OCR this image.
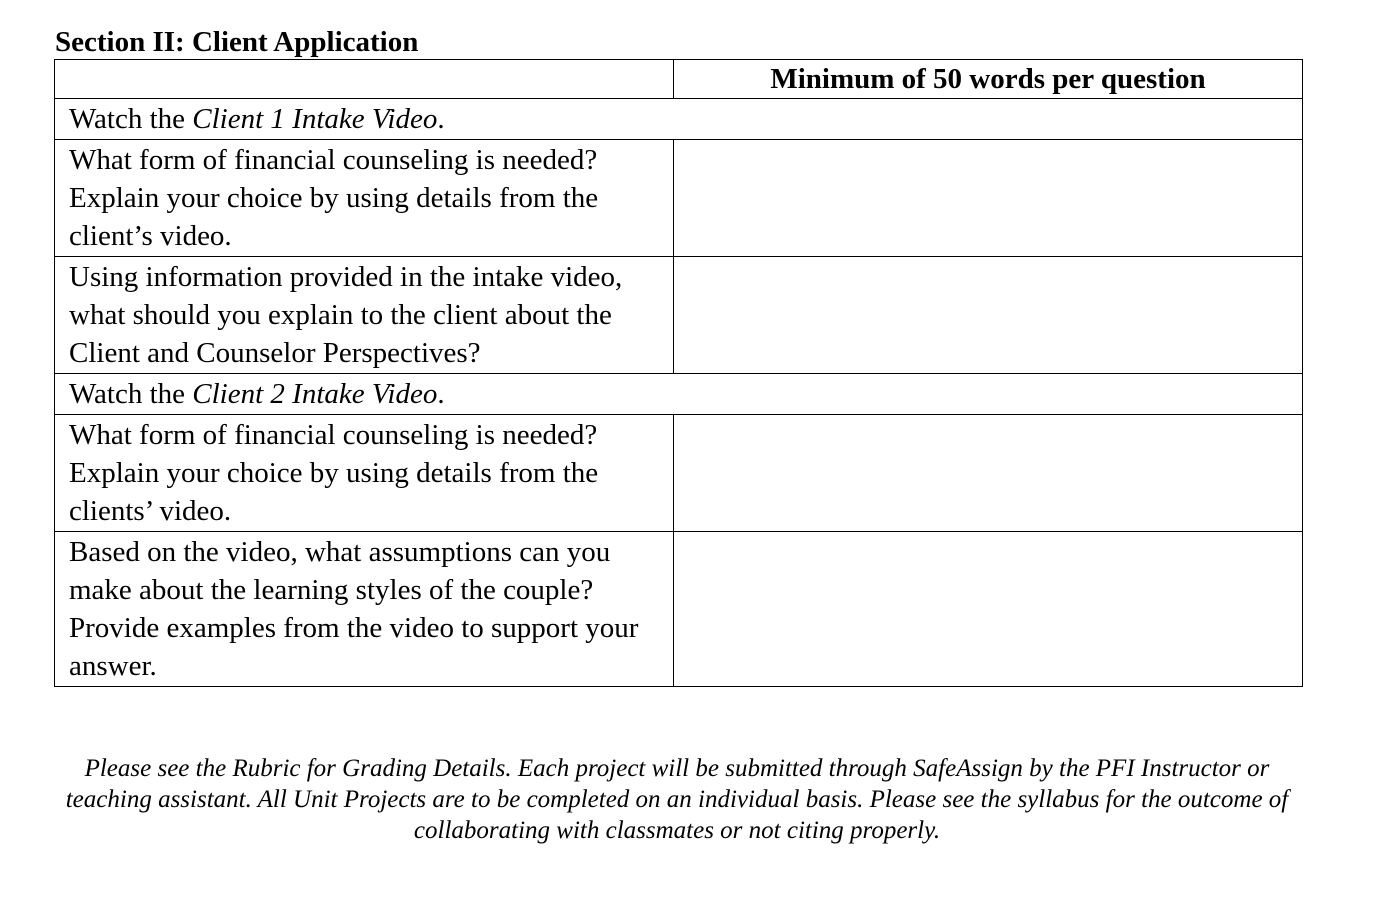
Section II: Client Application
	Minimum of 50 words per question
Watch the Client 1 Intake Video.	
What form of financial counseling is needed? Explain your choice by using details from the client’s video.	
Using information provided in the intake video, what should you explain to the client about the Client and Counselor Perspectives?	
Watch the Client 2 Intake Video.	
What form of financial counseling is needed? Explain your choice by using details from the clients’ video.	
Based on the video, what assumptions can you make about the learning styles of the couple? Provide examples from the video to support your answer.	

Please see the Rubric for Grading Details. Each project will be submitted through SafeAssign by the PFI Instructor or teaching assistant. All Unit Projects are to be completed on an individual basis. Please see the syllabus for the outcome of collaborating with classmates or not citing properly.
